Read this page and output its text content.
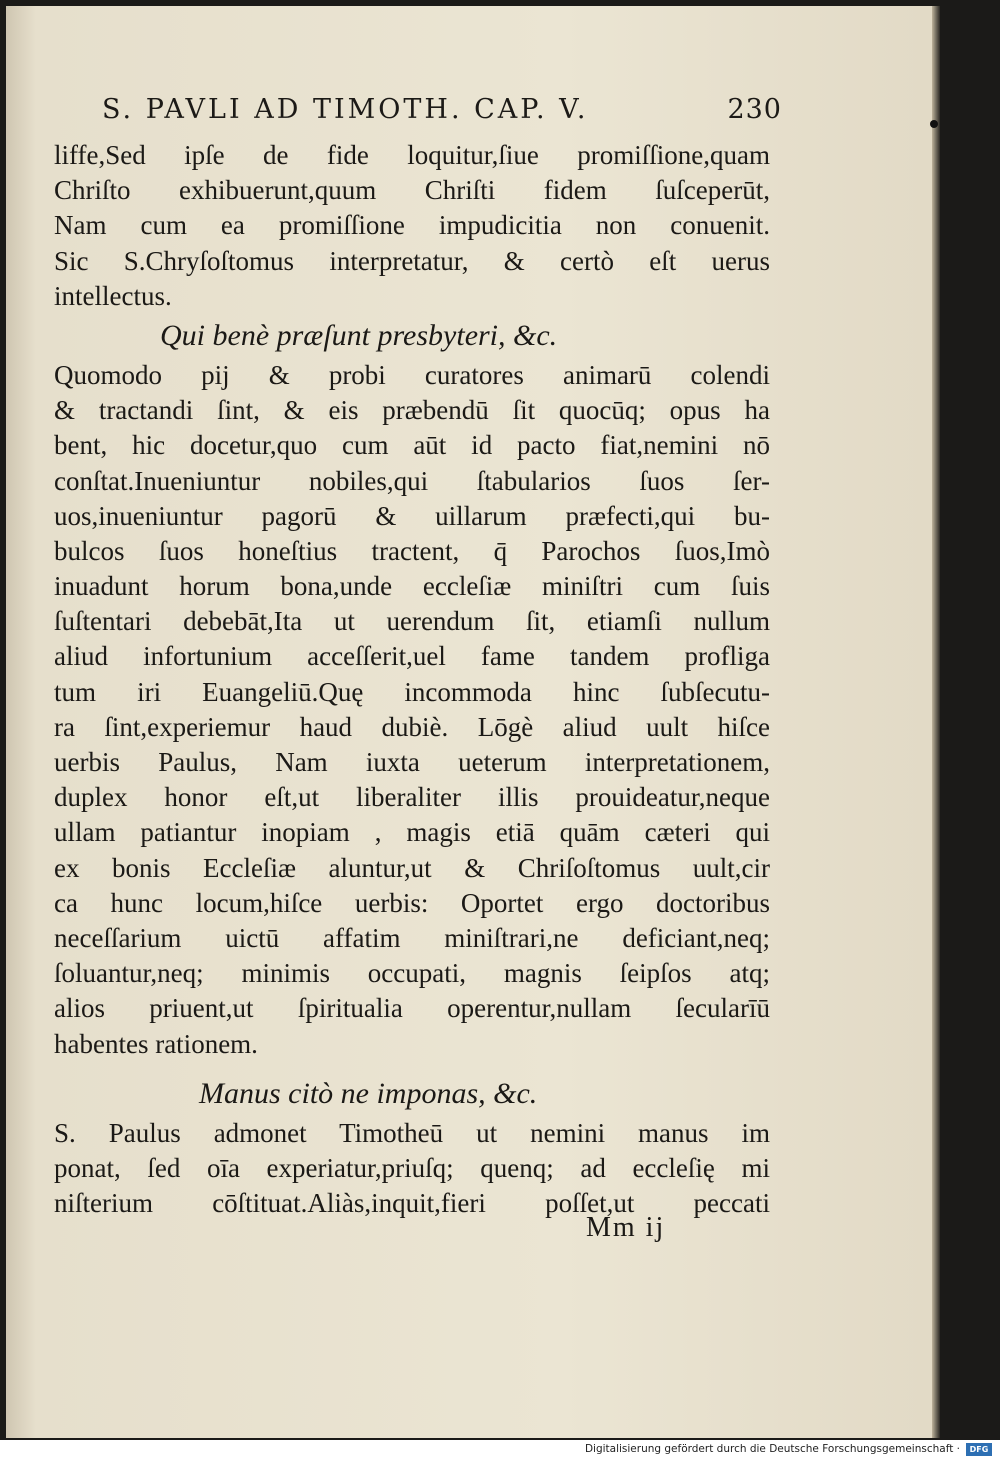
S. PAVLI AD TIMOTH. CAP. V.	230
liffe,Sed ipſe de fide loquitur,ſiue promiſſione,quam
Chriſto exhibuerunt,quum Chriſti fidem ſuſceperūt,
Nam cum ea promiſſione impudicitia non conuenit.
Sic S.Chryſoſtomus interpretatur, & certò eſt uerus
intellectus.
Qui benè præſunt presbyteri, &c.
Quomodo pij & probi curatores animarū colendi
& tractandi ſint, & eis præbendū ſit quocūq; opus ha
bent, hic docetur,quo cum aūt id pacto fiat,nemini nō
conſtat.Inueniuntur nobiles,qui ſtabularios ſuos ſer-
uos,inueniuntur pagorū & uillarum præfecti,qui bu-
bulcos ſuos honeſtius tractent, q̄ Parochos ſuos,Imò
inuadunt horum bona,unde eccleſiæ miniſtri cum ſuis
ſuſtentari debebāt,Ita ut uerendum ſit, etiamſi nullum
aliud infortunium acceſſerit,uel fame tandem profliga
tum iri Euangeliū.Quę incommoda hinc ſubſecutu-
ra ſint,experiemur haud dubiè. Lōgè aliud uult hiſce
uerbis Paulus, Nam iuxta ueterum interpretationem,
duplex honor eſt,ut liberaliter illis prouideatur,neque
ullam patiantur inopiam , magis etiā quām cæteri qui
ex bonis Eccleſiæ aluntur,ut & Chriſoſtomus uult,cir
ca hunc locum,hiſce uerbis: Oportet ergo doctoribus
neceſſarium uictū affatim miniſtrari,ne deficiant,neq;
ſoluantur,neq; minimis occupati, magnis ſeipſos atq;
alios priuent,ut ſpiritualia operentur,nullam ſecularīū
habentes rationem.
Manus citò ne imponas, &c.
S. Paulus admonet Timotheū ut nemini manus im
ponat, ſed oīa experiatur,priuſq; quenq; ad eccleſię mi
niſterium cōſtituat.Aliàs,inquit,fieri poſſet,ut peccati
Mm ij
Digitalisierung gefördert durch die Deutsche Forschungsgemeinschaft ·	DFG
